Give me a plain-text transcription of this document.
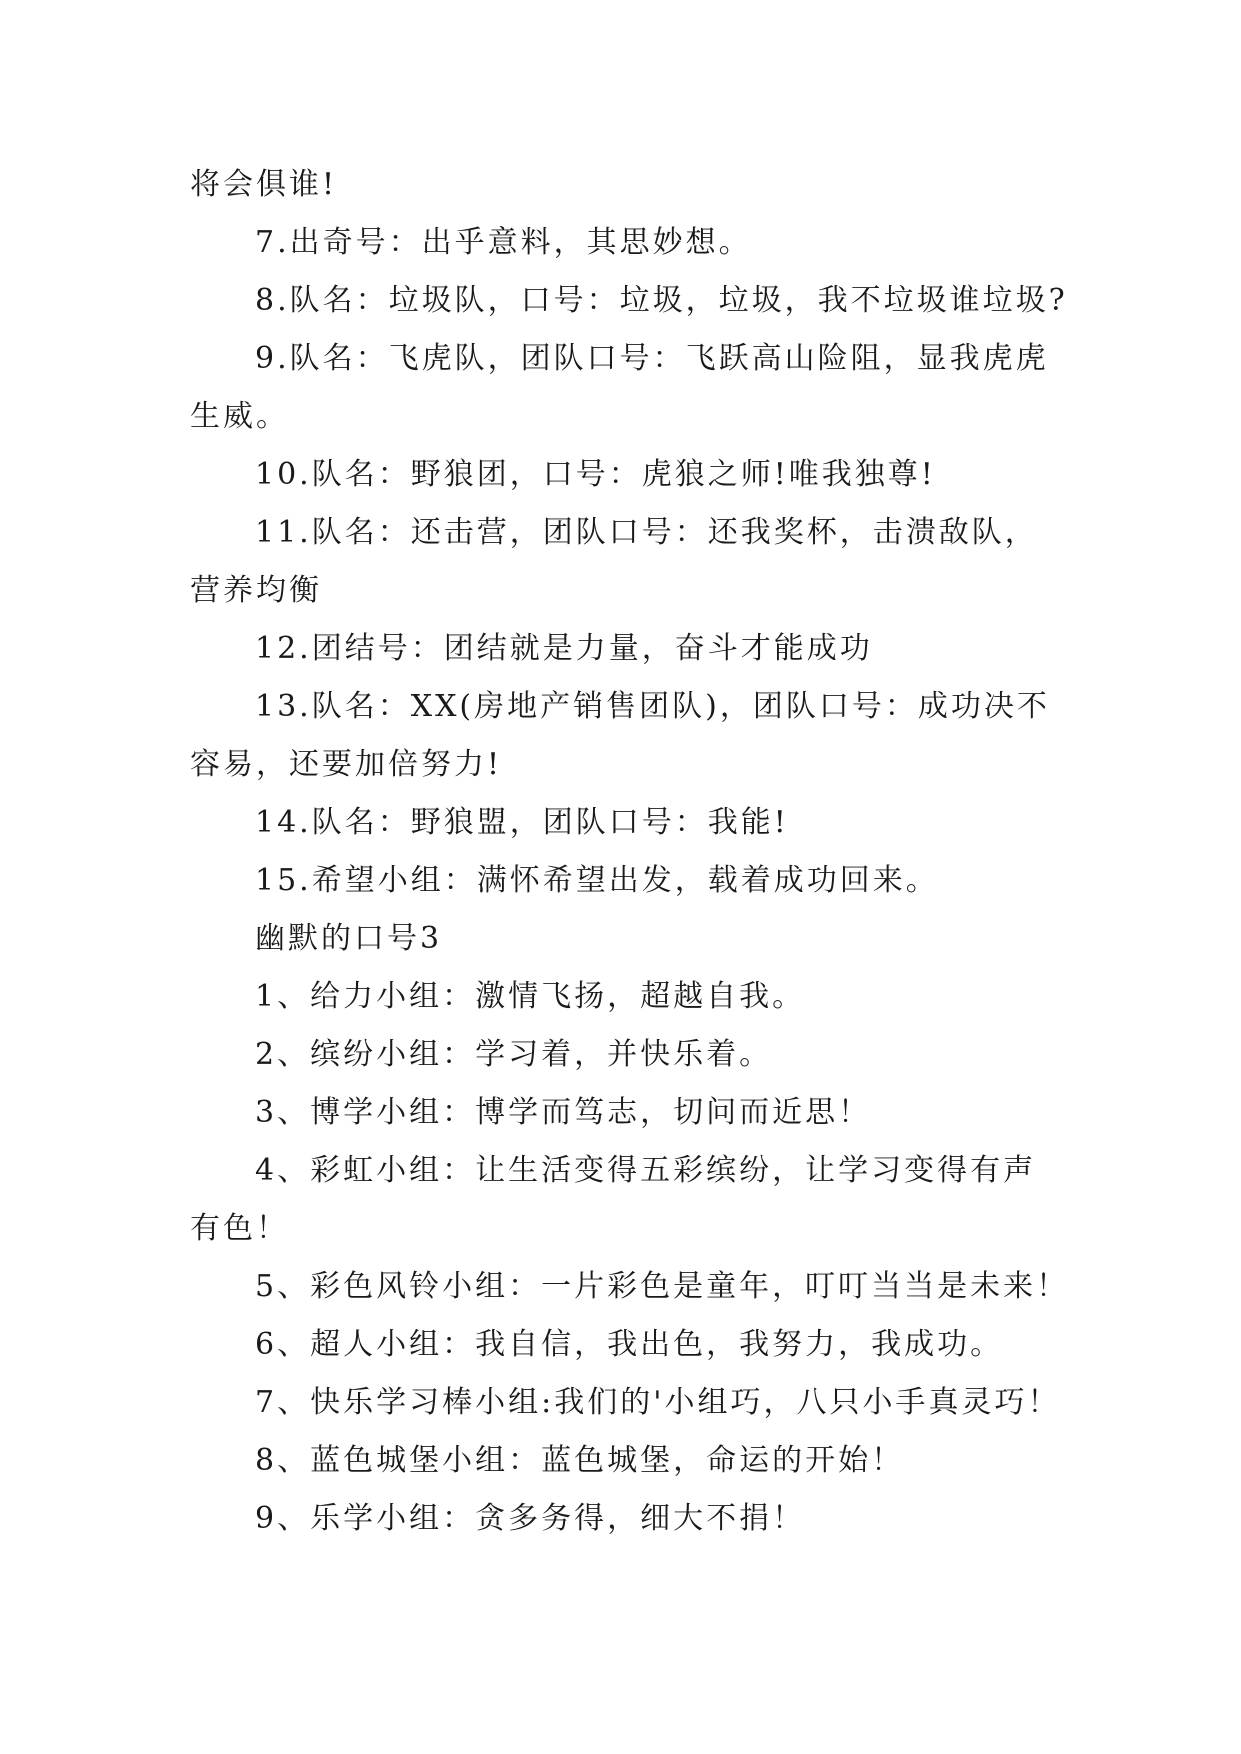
将会俱谁!
7.出奇号：出乎意料，其思妙想。
8.队名：垃圾队，口号：垃圾，垃圾，我不垃圾谁垃圾?
9.队名：飞虎队，团队口号：飞跃高山险阻，显我虎虎
生威。
10.队名：野狼团，口号：虎狼之师!唯我独尊!
11.队名：还击营，团队口号：还我奖杯，击溃敌队，
营养均衡
12.团结号：团结就是力量，奋斗才能成功
13.队名：XX(房地产销售团队)，团队口号：成功决不
容易，还要加倍努力!
14.队名：野狼盟，团队口号：我能!
15.希望小组：满怀希望出发，载着成功回来。
幽默的口号3
1、给力小组：激情飞扬，超越自我。
2、缤纷小组：学习着，并快乐着。
3、博学小组：博学而笃志，切问而近思！
4、彩虹小组：让生活变得五彩缤纷，让学习变得有声
有色！
5、彩色风铃小组：一片彩色是童年，叮叮当当是未来！
6、超人小组：我自信，我出色，我努力，我成功。
7、快乐学习棒小组:我们的'小组巧，八只小手真灵巧！
8、蓝色城堡小组：蓝色城堡，命运的开始！
9、乐学小组：贪多务得，细大不捐！
